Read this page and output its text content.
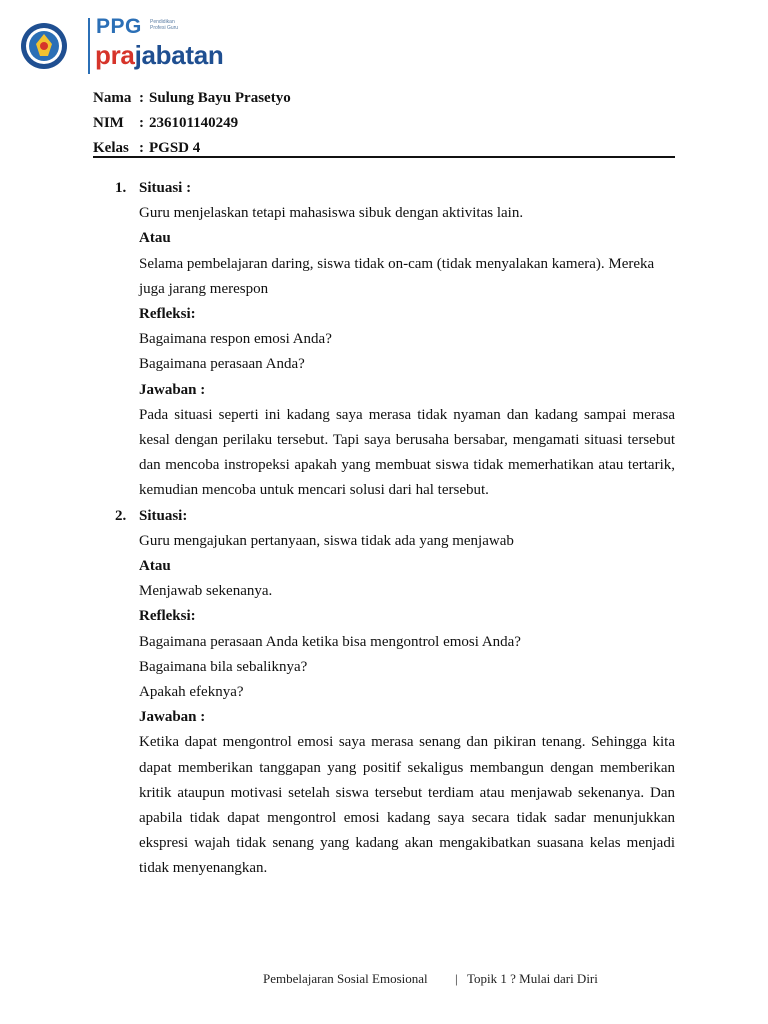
PPG Pendidikan Profesi Guru
prajabatan
Nama : Sulung Bayu Prasetyo
NIM	: 236101140249
Kelas : PGSD 4
1. Situasi :
Guru menjelaskan tetapi mahasiswa sibuk dengan aktivitas lain.
Atau
Selama pembelajaran daring, siswa tidak on-cam (tidak menyalakan kamera). Mereka juga jarang merespon
Refleksi:
Bagaimana respon emosi Anda?
Bagaimana perasaan Anda?
Jawaban :
Pada situasi seperti ini kadang saya merasa tidak nyaman dan kadang sampai merasa kesal dengan perilaku tersebut. Tapi saya berusaha bersabar, mengamati situasi tersebut dan mencoba instropeksi apakah yang membuat siswa tidak memerhatikan atau tertarik, kemudian mencoba untuk mencari solusi dari hal tersebut.
2. Situasi:
Guru mengajukan pertanyaan, siswa tidak ada yang menjawab
Atau
Menjawab sekenanya.
Refleksi:
Bagaimana perasaan Anda ketika bisa mengontrol emosi Anda?
Bagaimana bila sebaliknya?
Apakah efeknya?
Jawaban :
Ketika dapat mengontrol emosi saya merasa senang dan pikiran tenang. Sehingga kita dapat memberikan tanggapan yang positif sekaligus membangun dengan memberikan kritik ataupun motivasi setelah siswa tersebut terdiam atau menjawab sekenanya. Dan apabila tidak dapat mengontrol emosi kadang saya secara tidak sadar menunjukkan ekspresi wajah tidak senang yang kadang akan mengakibatkan suasana kelas menjadi tidak menyenangkan.
Pembelajaran Sosial Emosional | Topik 1 ? Mulai dari Diri
